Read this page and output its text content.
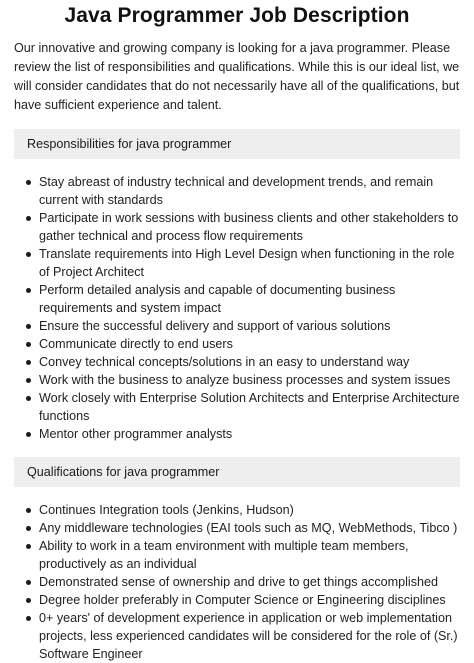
Java Programmer Job Description

Our innovative and growing company is looking for a java programmer. Please review the list of responsibilities and qualifications. While this is our ideal list, we will consider candidates that do not necessarily have all of the qualifications, but have sufficient experience and talent.

Responsibilities for java programmer
Stay abreast of industry technical and development trends, and remain current with standards
Participate in work sessions with business clients and other stakeholders to gather technical and process flow requirements
Translate requirements into High Level Design when functioning in the role of Project Architect
Perform detailed analysis and capable of documenting business requirements and system impact
Ensure the successful delivery and support of various solutions
Communicate directly to end users
Convey technical concepts/solutions in an easy to understand way
Work with the business to analyze business processes and system issues
Work closely with Enterprise Solution Architects and Enterprise Architecture functions
Mentor other programmer analysts
Qualifications for java programmer
Continues Integration tools (Jenkins, Hudson)
Any middleware technologies (EAI tools such as MQ, WebMethods, Tibco )
Ability to work in a team environment with multiple team members, productively as an individual
Demonstrated sense of ownership and drive to get things accomplished
Degree holder preferably in Computer Science or Engineering disciplines
0+ years' of development experience in application or web implementation projects, less experienced candidates will be considered for the role of (Sr.) Software Engineer
